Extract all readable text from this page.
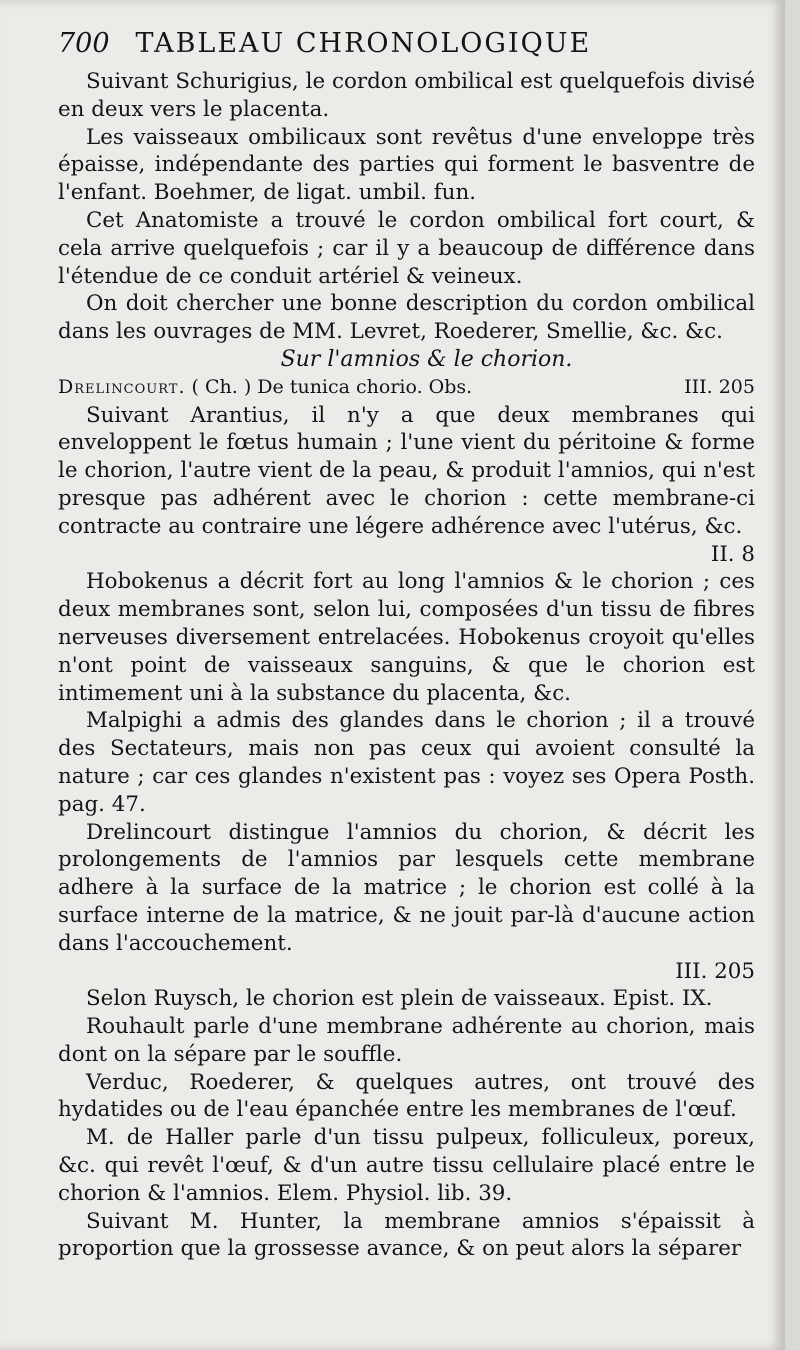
700 TABLEAU CHRONOLOGIQUE

Suivant Schurigius, le cordon ombilical est quelquefois divisé en deux vers le placenta.

Les vaisseaux ombilicaux sont revêtus d'une enveloppe très épaisse, indépendante des parties qui forment le basventre de l'enfant. Boehmer, de ligat. umbil. fun.

Cet Anatomiste a trouvé le cordon ombilical fort court, & cela arrive quelquefois ; car il y a beaucoup de différence dans l'étendue de ce conduit artériel & veineux.

On doit chercher une bonne description du cordon ombilical dans les ouvrages de MM. Levret, Roederer, Smellie, &c. &c.

Sur l'amnios & le chorion.

Drelincourt. ( Ch. ) De tunica chorio. Obs.	III. 205

Suivant Arantius, il n'y a que deux membranes qui enveloppent le fœtus humain ; l'une vient du péritoine & forme le chorion, l'autre vient de la peau, & produit l'amnios, qui n'est presque pas adhérent avec le chorion : cette membrane-ci contracte au contraire une légere adhérence avec l'utérus, &c.

II. 8

Hobokenus a décrit fort au long l'amnios & le chorion ; ces deux membranes sont, selon lui, composées d'un tissu de fibres nerveuses diversement entrelacées. Hobokenus croyoit qu'elles n'ont point de vaisseaux sanguins, & que le chorion est intimement uni à la substance du placenta, &c.

Malpighi a admis des glandes dans le chorion ; il a trouvé des Sectateurs, mais non pas ceux qui avoient consulté la nature ; car ces glandes n'existent pas : voyez ses Opera Posth. pag. 47.

Drelincourt distingue l'amnios du chorion, & décrit les prolongements de l'amnios par lesquels cette membrane adhere à la surface de la matrice ; le chorion est collé à la surface interne de la matrice, & ne jouit par-là d'aucune action dans l'accouchement.

III. 205

Selon Ruysch, le chorion est plein de vaisseaux. Epist. IX.

Rouhault parle d'une membrane adhérente au chorion, mais dont on la sépare par le souffle.

Verduc, Roederer, & quelques autres, ont trouvé des hydatides ou de l'eau épanchée entre les membranes de l'œuf.

M. de Haller parle d'un tissu pulpeux, folliculeux, poreux, &c. qui revêt l'œuf, & d'un autre tissu cellulaire placé entre le chorion & l'amnios. Elem. Physiol. lib. 39.

Suivant M. Hunter, la membrane amnios s'épaissit à proportion que la grossesse avance, & on peut alors la séparer
